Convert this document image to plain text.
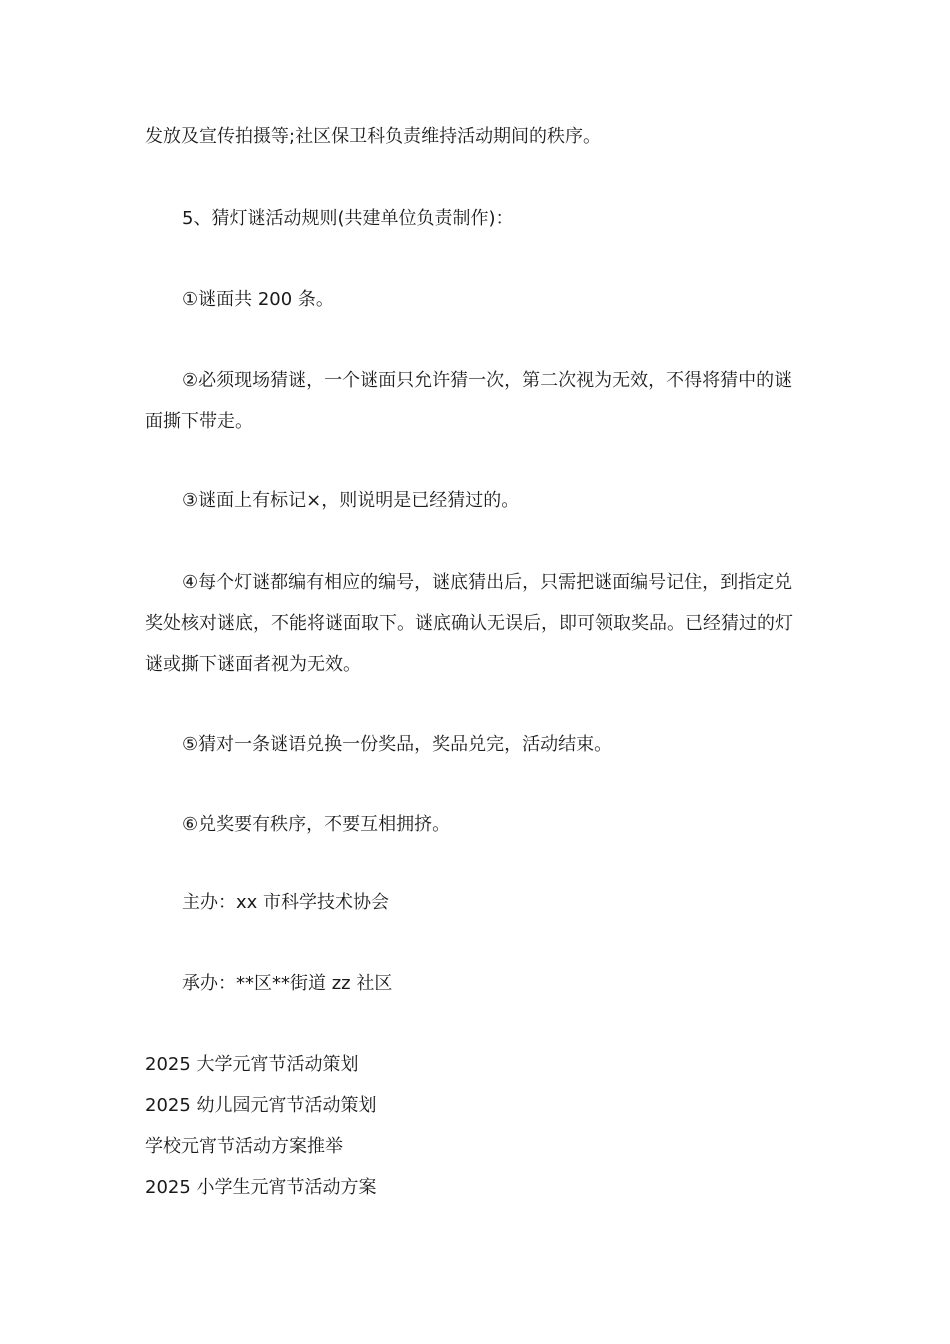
发放及宣传拍摄等;社区保卫科负责维持活动期间的秩序。

5、猜灯谜活动规则(共建单位负责制作)：

①谜面共 200 条。

②必须现场猜谜，一个谜面只允许猜一次，第二次视为无效，不得将猜中的谜面撕下带走。

③谜面上有标记×，则说明是已经猜过的。

④每个灯谜都编有相应的编号，谜底猜出后，只需把谜面编号记住，到指定兑奖处核对谜底，不能将谜面取下。谜底确认无误后，即可领取奖品。已经猜过的灯谜或撕下谜面者视为无效。

⑤猜对一条谜语兑换一份奖品，奖品兑完，活动结束。

⑥兑奖要有秩序，不要互相拥挤。

主办：xx 市科学技术协会

承办：**区**街道 zz 社区

2025 大学元宵节活动策划

2025 幼儿园元宵节活动策划

学校元宵节活动方案推举

2025 小学生元宵节活动方案
